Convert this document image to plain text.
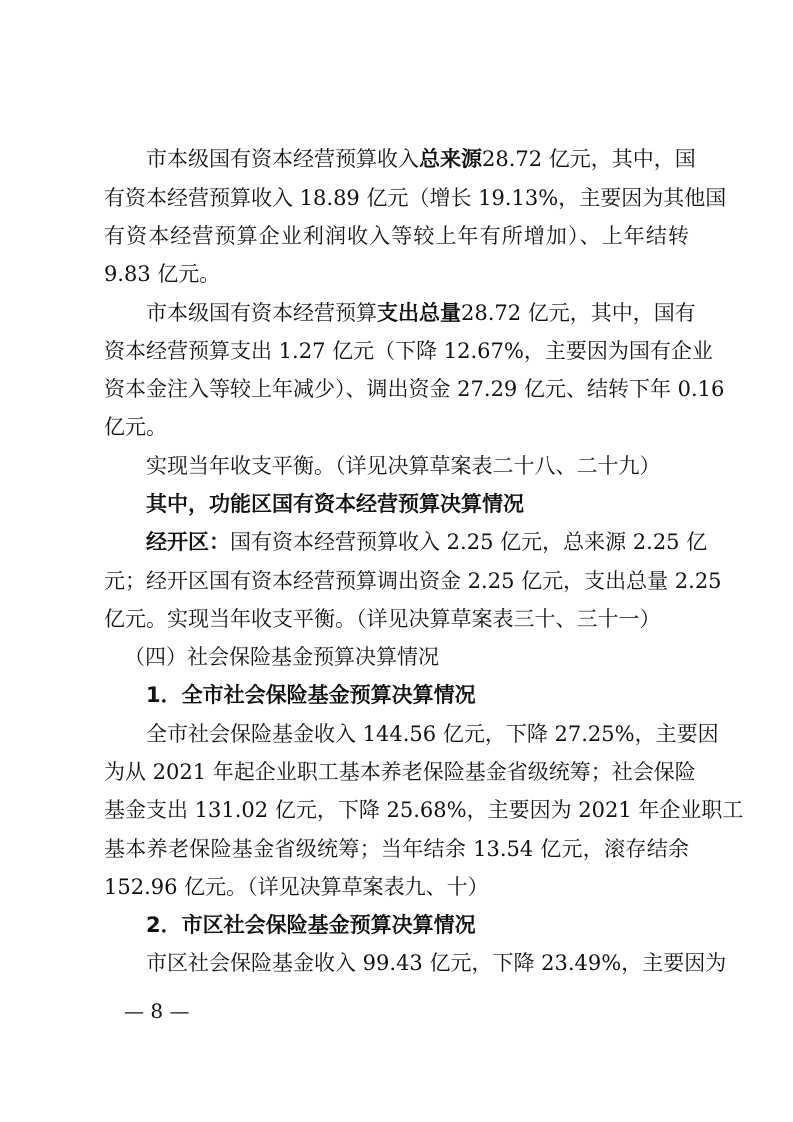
市本级国有资本经营预算收入总来源28.72 亿元，其中，国
有资本经营预算收入 18.89 亿元（增长 19.13%，主要因为其他国
有资本经营预算企业利润收入等较上年有所增加）、上年结转
9.83 亿元。
市本级国有资本经营预算支出总量28.72 亿元，其中，国有
资本经营预算支出 1.27 亿元（下降 12.67%，主要因为国有企业
资本金注入等较上年减少）、调出资金 27.29 亿元、结转下年 0.16
亿元。
实现当年收支平衡。（详见决算草案表二十八、二十九）
其中，功能区国有资本经营预算决算情况
经开区：国有资本经营预算收入 2.25 亿元，总来源 2.25 亿
元；经开区国有资本经营预算调出资金 2.25 亿元，支出总量 2.25
亿元。实现当年收支平衡。（详见决算草案表三十、三十一）
（四）社会保险基金预算决算情况
1．全市社会保险基金预算决算情况
全市社会保险基金收入 144.56 亿元，下降 27.25%，主要因
为从 2021 年起企业职工基本养老保险基金省级统筹；社会保险
基金支出 131.02 亿元，下降 25.68%，主要因为 2021 年企业职工
基本养老保险基金省级统筹；当年结余 13.54 亿元，滚存结余
152.96 亿元。（详见决算草案表九、十）
2．市区社会保险基金预算决算情况
市区社会保险基金收入 99.43 亿元，下降 23.49%，主要因为
— 8 —
